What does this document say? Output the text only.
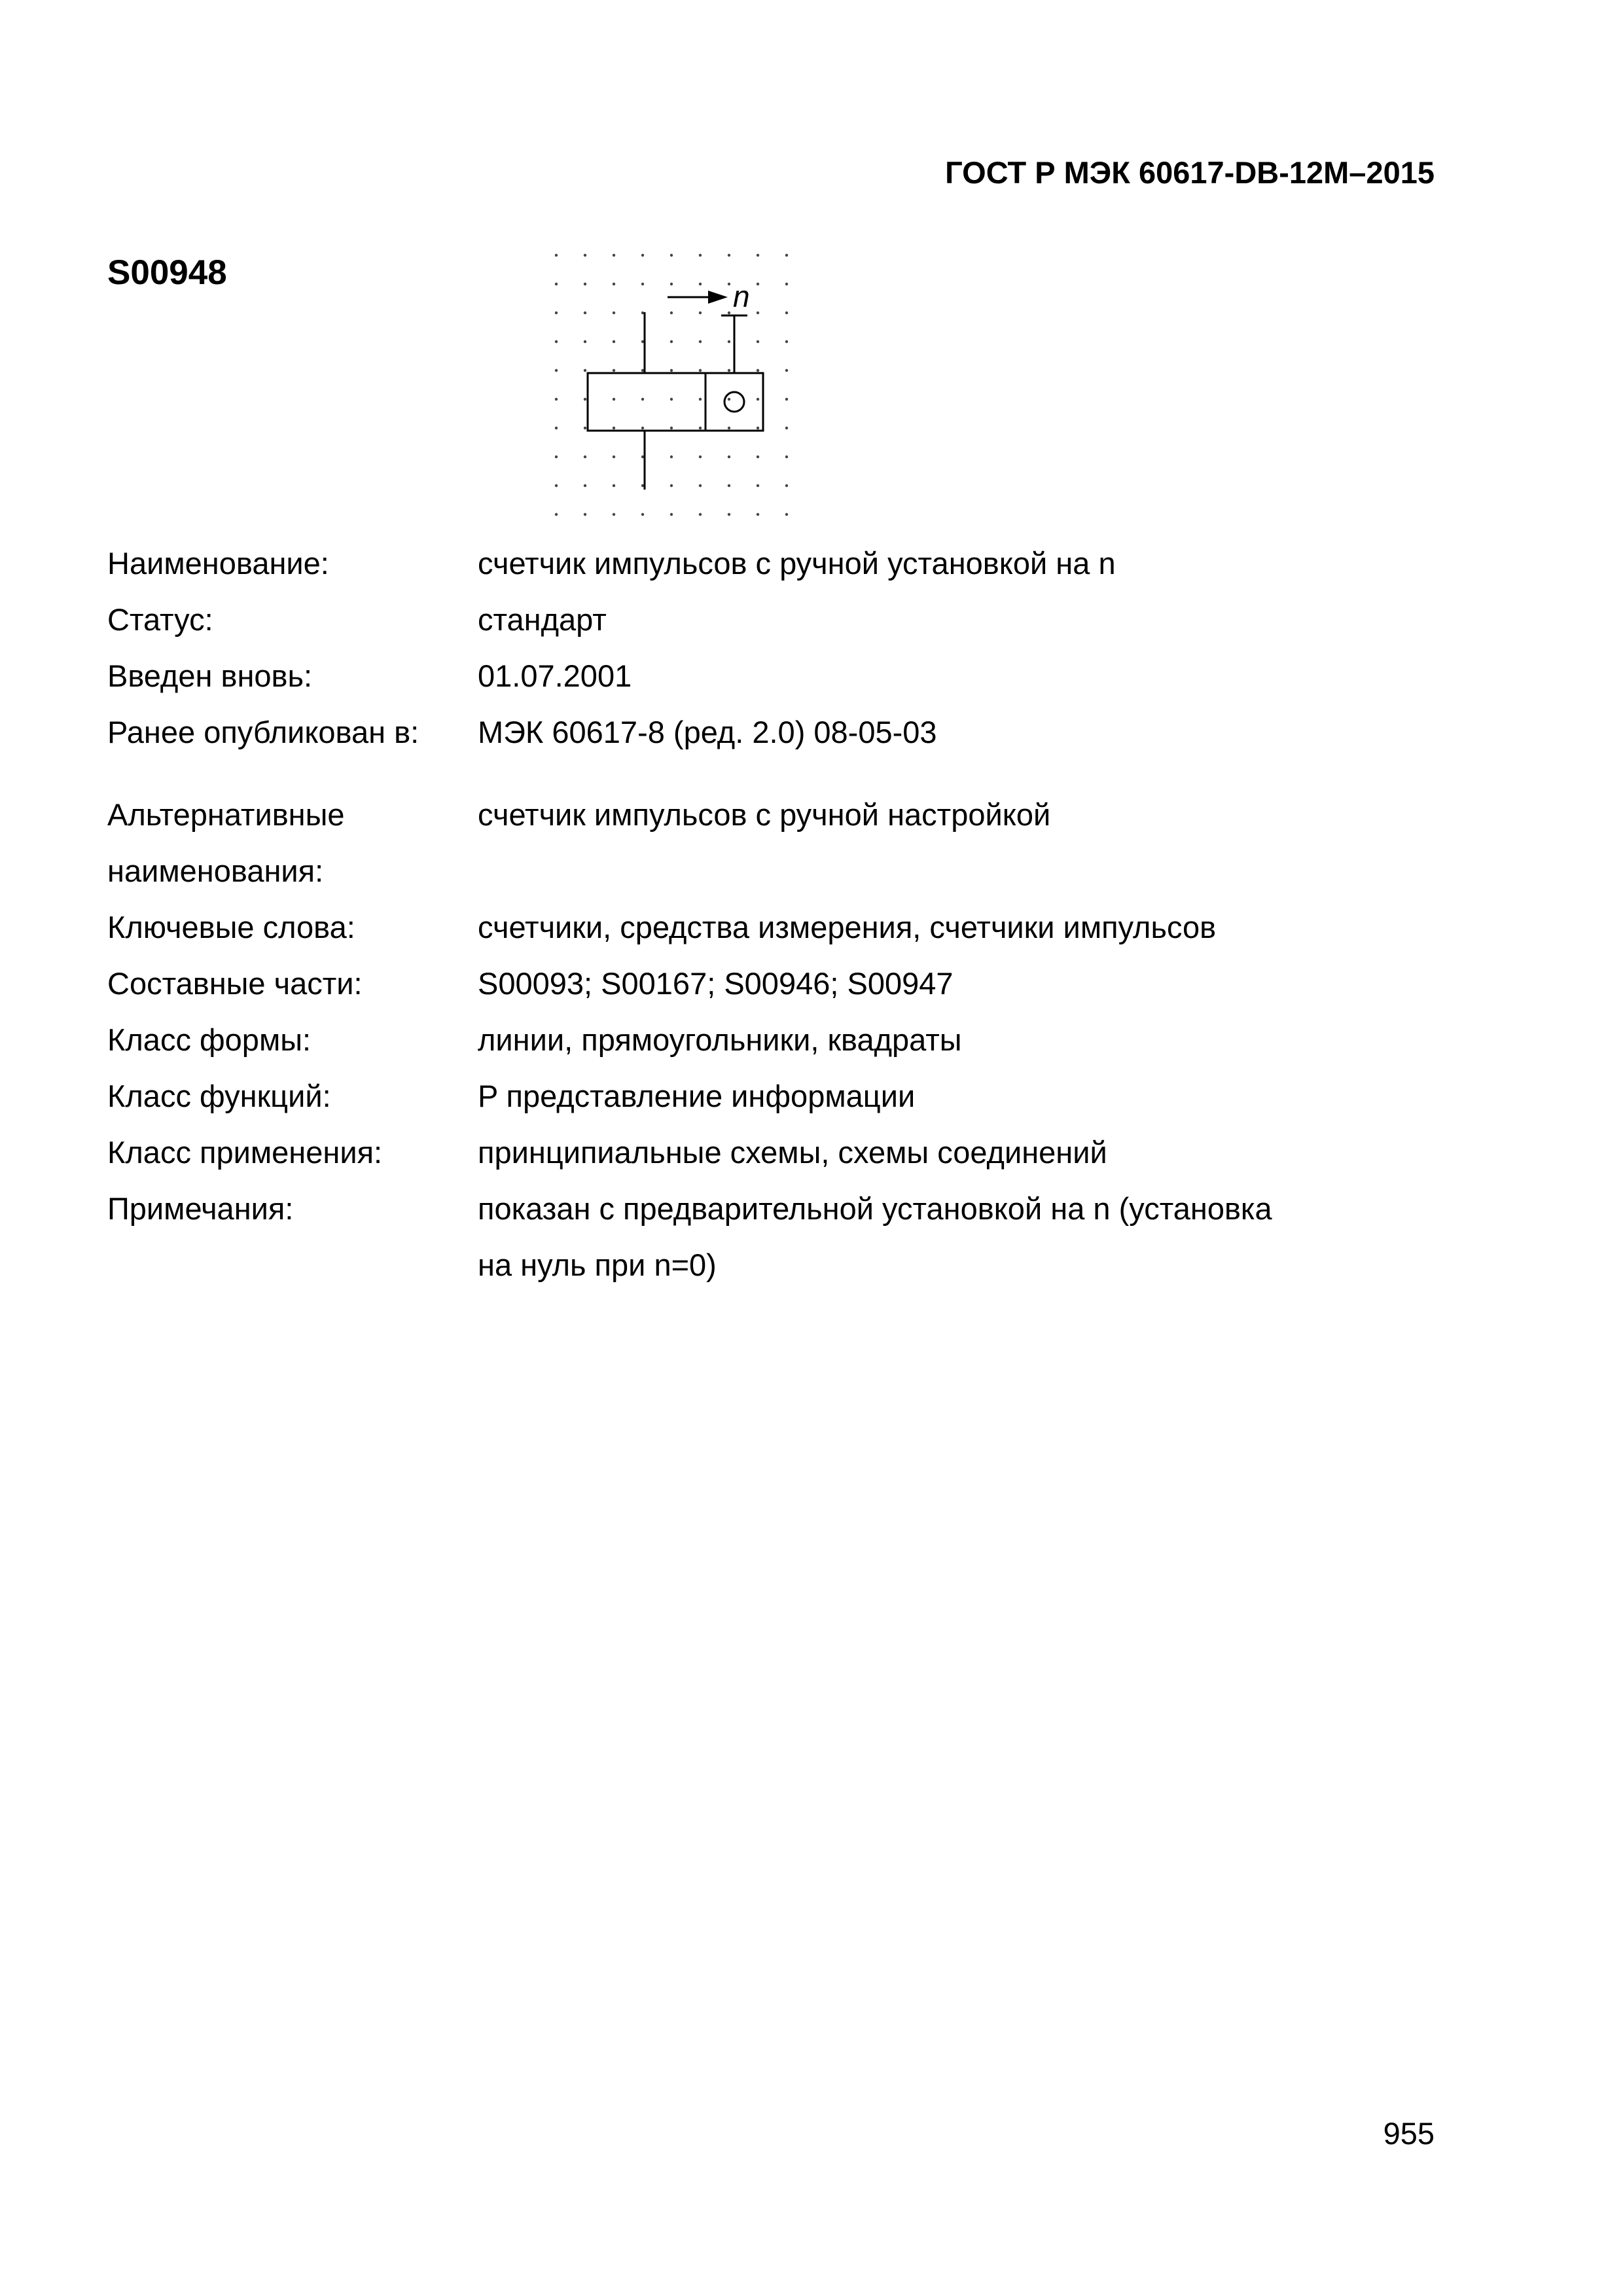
ГОСТ Р МЭК 60617-DB-12M–2015
S00948
n
Наименование:	счетчик импульсов с ручной установкой на n
Статус:	стандарт
Введен вновь:	01.07.2001
Ранее опубликован в:	МЭК 60617-8 (ред. 2.0) 08-05-03

Альтернативные	счетчик импульсов с ручной настройкой
наименования:	
Ключевые слова:	счетчики, средства измерения, счетчики импульсов
Составные части:	S00093; S00167; S00946; S00947
Класс формы:	линии, прямоугольники, квадраты
Класс функций:	P представление информации
Класс применения:	принципиальные схемы, схемы соединений
Примечания:	показан с предварительной установкой на n (установка
	на нуль при n=0)
955
